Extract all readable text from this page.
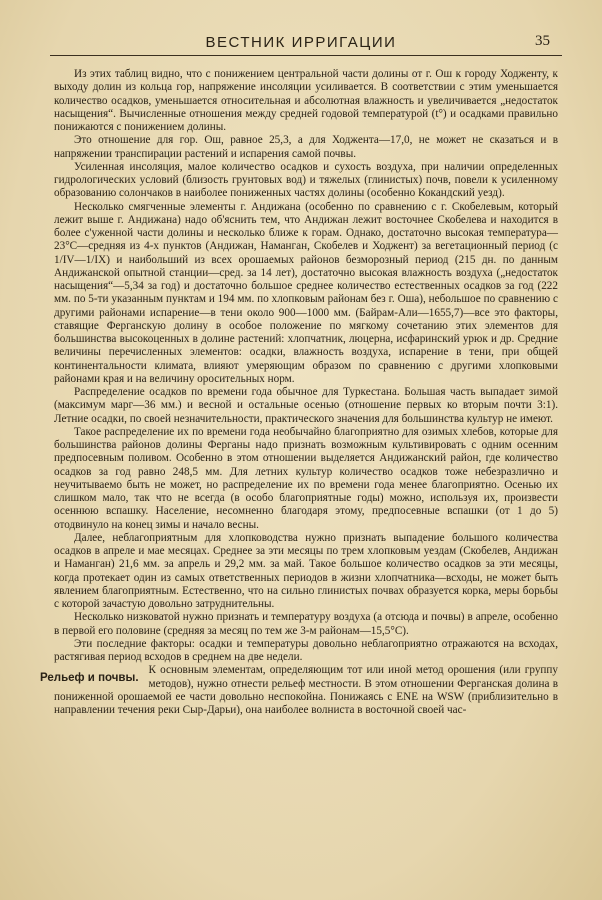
ВЕСТНИК ИРРИГАЦИИ	35

Из этих таблиц видно, что с понижением центральной части долины от г. Ош к городу Ходженту, к выходу долин из кольца гор, напряжение инсоляции усиливается. В соответствии с этим уменьшается количество осадков, уменьшается относительная и абсолютная влажность и увеличивается „недостаток насыщения“. Вычисленные отношения между средней годовой температурой (t°) и осадками правильно понижаются с понижением долины.

Это отношение для гор. Ош, равное 25,3, а для Ходжента—17,0, не может не сказаться и в напряжении транспирации растений и испарения самой почвы.

Усиленная инсоляция, малое количество осадков и сухость воздуха, при наличии определенных гидрологических условий (близость грунтовых вод) и тяжелых (глинистых) почв, повели к усиленному образованию солончаков в наиболее пониженных частях долины (особенно Кокандский уезд).

Несколько смягченные элементы г. Андижана (особенно по сравнению с г. Скобелевым, который лежит выше г. Андижана) надо об'яснить тем, что Андижан лежит восточнее Скобелева и находится в более с'уженной части долины и несколько ближе к горам. Однако, достаточно высокая температура—23°С—средняя из 4-х пунктов (Андижан, Наманган, Скобелев и Ходжент) за вегетационный период (с 1/IV—1/IX) и наибольший из всех орошаемых районов безморозный период (215 дн. по данным Андижанской опытной станции—сред. за 14 лет), достаточно высокая влажность воздуха („недостаток насыщения“—5,34 за год) и достаточно большое среднее количество естественных осадков за год (222 мм. по 5-ти указанным пунктам и 194 мм. по хлопковым районам без г. Оша), небольшое по сравнению с другими районами испарение—в тени около 900—1000 мм. (Байрам-Али—1655,7)—все это факторы, ставящие Ферганскую долину в особое положение по мягкому сочетанию этих элементов для большинства высокоценных в долине растений: хлопчатник, люцерна, исфаринский урюк и др. Средние величины перечисленных элементов: осадки, влажность воздуха, испарение в тени, при общей континентальности климата, влияют умеряющим образом по сравнению с другими хлопковыми районами края и на величину оросительных норм.

Распределение осадков по времени года обычное для Туркестана. Большая часть выпадает зимой (максимум марг—36 мм.) и весной и остальные осенью (отношение первых ко вторым почти 3:1). Летние осадки, по своей незначительности, практического значения для большинства культур не имеют.

Такое распределение их по времени года необычайно благоприятно для озимых хлебов, которые для большинства районов долины Ферганы надо признать возможным культивировать с одним осенним предпосевным поливом. Особенно в этом отношении выделяется Андижанский район, где количество осадков за год равно 248,5 мм. Для летних культур количество осадков тоже небезразлично и неучитываемо быть не может, но распределение их по времени года менее благоприятно. Осенью их слишком мало, так что не всегда (в особо благоприятные годы) можно, используя их, произвести осеннюю вспашку. Население, несомненно благодаря этому, предпосевные вспашки (от 1 до 5) отодвинуло на конец зимы и начало весны.

Далее, неблагоприятным для хлопководства нужно признать выпадение большого количества осадков в апреле и мае месяцах. Среднее за эти месяцы по трем хлопковым уездам (Скобелев, Андижан и Наманган) 21,6 мм. за апрель и 29,2 мм. за май. Такое большое количество осадков за эти месяцы, когда протекает один из самых ответственных периодов в жизни хлопчатника—всходы, не может быть явлением благоприятным. Естественно, что на сильно глинистых почвах образуется корка, меры борьбы с которой зачастую довольно затруднительны.

Несколько низковатой нужно признать и температуру воздуха (а отсюда и почвы) в апреле, особенно в первой его половине (средняя за месяц по тем же 3-м районам—15,5°С).

Эти последние факторы: осадки и температуры довольно неблагоприятно отражаются на всходах, растягивая период всходов в среднем на две недели.

Рельеф и почвы.
К основным элементам, определяющим тот или иной метод орошения (или группу методов), нужно отнести рельеф местности. В этом отношении Ферганская долина в пониженной орошаемой ее части довольно неспокойна. Понижаясь с ENE на WSW (приблизительно в направлении течения реки Сыр-Дарьи), она наиболее волниста в восточной своей час-
